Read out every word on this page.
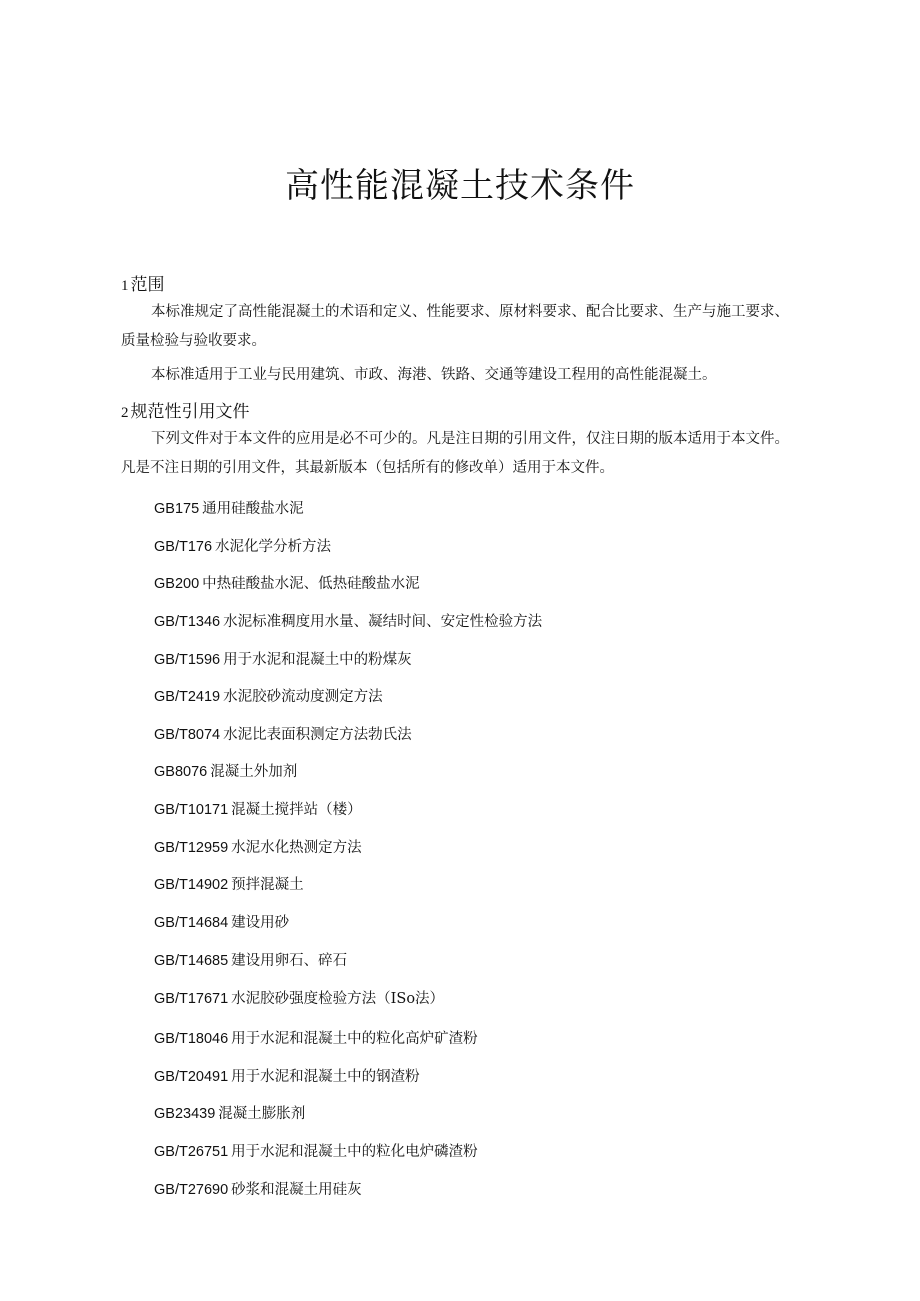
高性能混凝土技术条件
1 范围

本标准规定了高性能混凝土的术语和定义、性能要求、原材料要求、配合比要求、生产与施工要求、质量检验与验收要求。

本标准适用于工业与民用建筑、市政、海港、铁路、交通等建设工程用的高性能混凝土。

2 规范性引用文件

下列文件对于本文件的应用是必不可少的。凡是注日期的引用文件，仅注日期的版本适用于本文件。凡是不注日期的引用文件，其最新版本（包括所有的修改单）适用于本文件。

GB175 通用硅酸盐水泥

GB/T176 水泥化学分析方法

GB200 中热硅酸盐水泥、低热硅酸盐水泥

GB/T1346 水泥标准稠度用水量、凝结时间、安定性检验方法

GB/T1596 用于水泥和混凝土中的粉煤灰

GB/T2419 水泥胶砂流动度测定方法

GB/T8074 水泥比表面积测定方法勃氏法

GB8076 混凝土外加剂

GB/T10171 混凝土搅拌站（楼）

GB/T12959 水泥水化热测定方法

GB/T14902 预拌混凝土

GB/T14684 建设用砂

GB/T14685 建设用卵石、碎石

GB/T17671 水泥胶砂强度检验方法（ISo法）

GB/T18046 用于水泥和混凝土中的粒化高炉矿渣粉

GB/T20491 用于水泥和混凝土中的钢渣粉

GB23439 混凝土膨胀剂

GB/T26751 用于水泥和混凝土中的粒化电炉磷渣粉

GB/T27690 砂浆和混凝土用硅灰
